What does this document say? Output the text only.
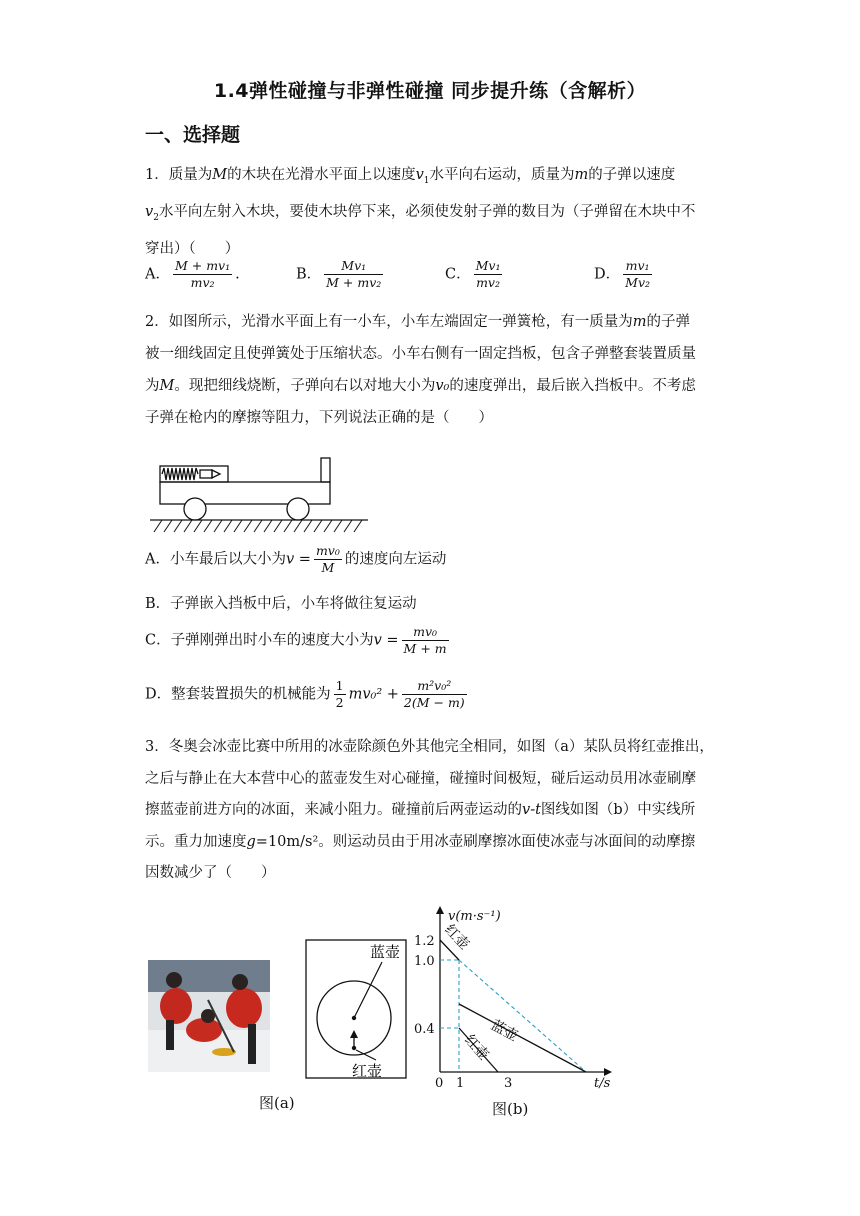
1.4弹性碰撞与非弹性碰撞 同步提升练（含解析）
一、选择题
1．质量为M的木块在光滑水平面上以速度$v_1$水平向右运动，质量为m的子弹以速度
$v_2$水平向左射入木块，要使木块停下来，必须使发射子弹的数目为（子弹留在木块中不
穿出）（　　）
A． $\frac{\text{M + mv₁}}{\text{mv₂}}$ .	B． $\frac{\text{Mv₁}}{\text{M + mv₂}}$	C． $\frac{\text{Mv₁}}{\text{mv₂}}$	D． $\frac{\text{mv₁}}{\text{Mv₂}}$
2．如图所示，光滑水平面上有一小车，小车左端固定一弹簧枪，有一质量为m的子弹
被一细线固定且使弹簧处于压缩状态。小车右侧有一固定挡板，包含子弹整套装置质量
为M。现把细线烧断，子弹向右以对地大小为v₀的速度弹出，最后嵌入挡板中。不考虑
子弹在枪内的摩擦等阻力，下列说法正确的是（　　）
A．小车最后以大小为$v = \frac{\text{mv₀}}{M}$ 的速度向左运动
B．子弹嵌入挡板中后，小车将做往复运动
C．子弹刚弹出时小车的速度大小为$v = \frac{\text{mv₀}}{M + m}$
D．整套装置损失的机械能为 $\frac{1}{2} mv_0^2 + \frac{\text{m²v₀²}}{2(M - m)}$
3．冬奥会冰壶比赛中所用的冰壶除颜色外其他完全相同，如图（a）某队员将红壶推出，
之后与静止在大本营中心的蓝壶发生对心碰撞，碰撞时间极短，碰后运动员用冰壶刷摩
擦蓝壶前进方向的冰面，来减小阻力。碰撞前后两壶运动的v-t图线如图（b）中实线所
示。重力加速度g=10m/s²。则运动员由于用冰壶刷摩擦冰面使冰壶与冰面间的动摩擦
因数减少了（　　）
图(a)
蓝壶
红壶
v(m·s⁻¹)
t/s
1.2
1.0
0.4
0 1	3
红壶
蓝壶
红壶
图(b)
